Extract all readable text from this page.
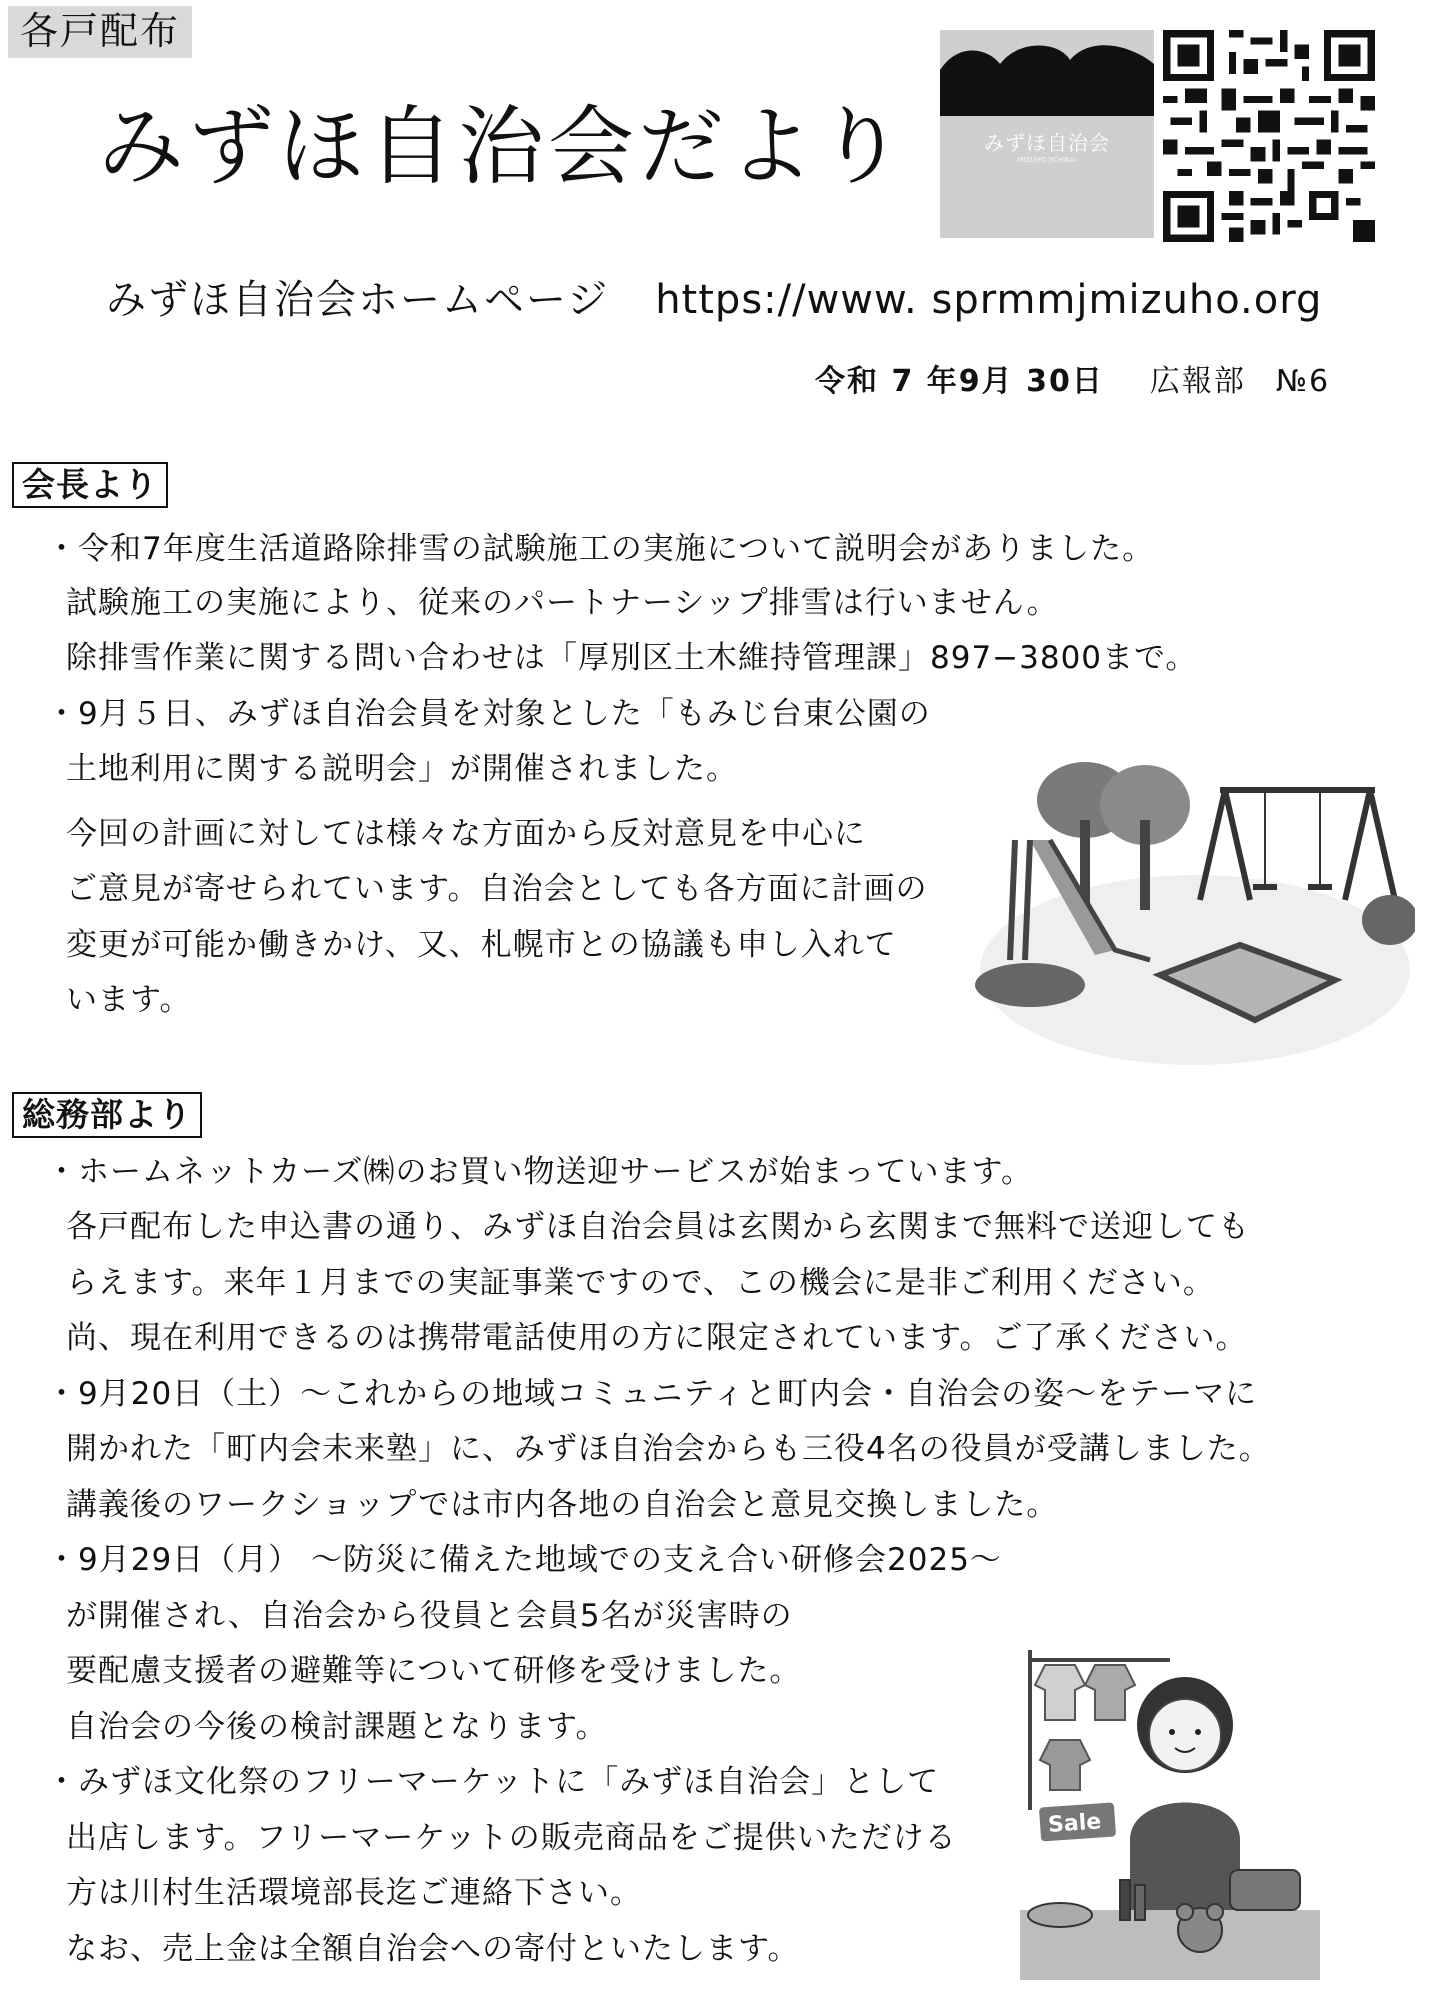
各戸配布
みずほ自治会だより	みずほ自治会
MIZUHO JICHIKAI
みずほ自治会ホームページ https://www. sprmmjmizuho.org
令和 7 年9月 30日 広報部 №6
会長より
・令和7年度生活道路除排雪の試験施工の実施について説明会がありました。
試験施工の実施により、従来のパートナーシップ排雪は行いません。
除排雪作業に関する問い合わせは「厚別区土木維持管理課」897−3800まで。
・9月５日、みずほ自治会員を対象とした「もみじ台東公園の
土地利用に関する説明会」が開催されました。
今回の計画に対しては様々な方面から反対意見を中心に
ご意見が寄せられています。自治会としても各方面に計画の
変更が可能か働きかけ、又、札幌市との協議も申し入れて
います。
総務部より
・ホームネットカーズ㈱のお買い物送迎サービスが始まっています。
各戸配布した申込書の通り、みずほ自治会員は玄関から玄関まで無料で送迎しても
らえます。来年１月までの実証事業ですので、この機会に是非ご利用ください。
尚、現在利用できるのは携帯電話使用の方に限定されています。ご了承ください。
・9月20日（土）〜これからの地域コミュニティと町内会・自治会の姿〜をテーマに
開かれた「町内会未来塾」に、みずほ自治会からも三役4名の役員が受講しました。
講義後のワークショップでは市内各地の自治会と意見交換しました。
・9月29日（月） 〜防災に備えた地域での支え合い研修会2025〜
が開催され、自治会から役員と会員5名が災害時の
要配慮支援者の避難等について研修を受けました。
自治会の今後の検討課題となります。
・みずほ文化祭のフリーマーケットに「みずほ自治会」として
出店します。フリーマーケットの販売商品をご提供いただける
方は川村生活環境部長迄ご連絡下さい。
なお、売上金は全額自治会への寄付といたします。
Sale
